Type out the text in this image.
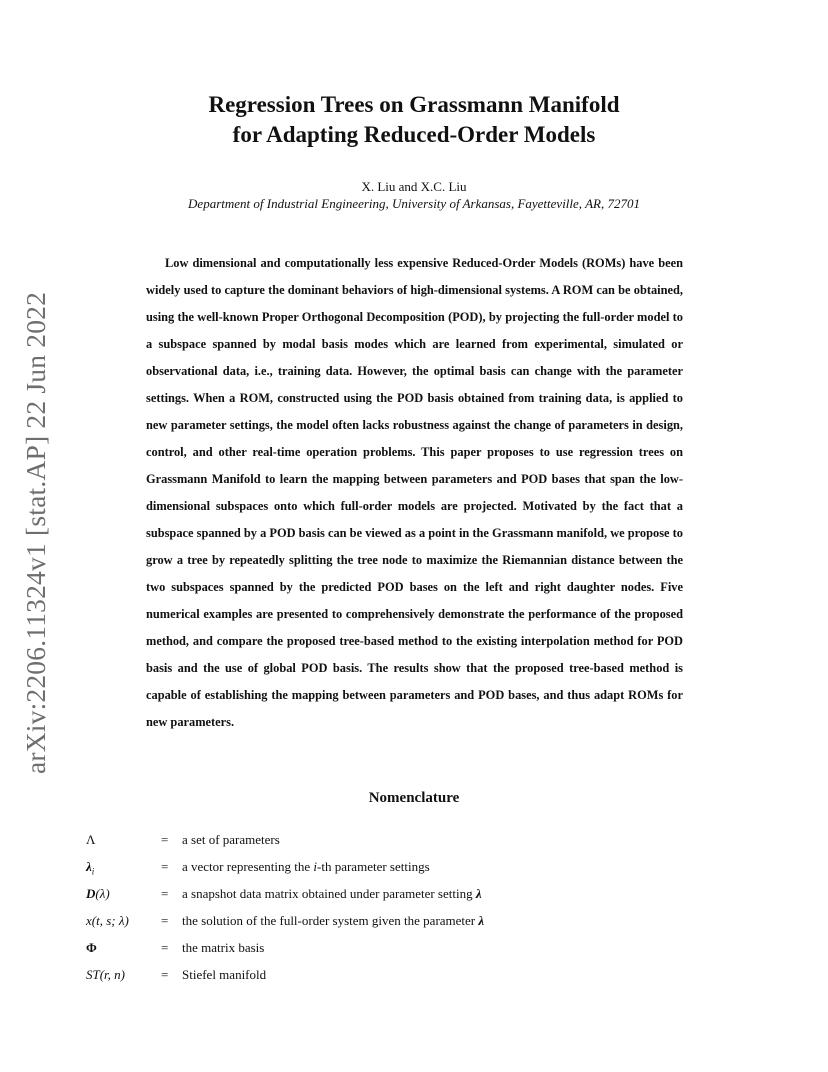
arXiv:2206.11324v1 [stat.AP] 22 Jun 2022
Regression Trees on Grassmann Manifold
for Adapting Reduced-Order Models
X. Liu and X.C. Liu
Department of Industrial Engineering, University of Arkansas, Fayetteville, AR, 72701
Low dimensional and computationally less expensive Reduced-Order Models (ROMs) have been widely used to capture the dominant behaviors of high-dimensional systems. A ROM can be obtained, using the well-known Proper Orthogonal Decomposition (POD), by projecting the full-order model to a subspace spanned by modal basis modes which are learned from experimental, simulated or observational data, i.e., training data. However, the optimal basis can change with the parameter settings. When a ROM, constructed using the POD basis obtained from training data, is applied to new parameter settings, the model often lacks robustness against the change of parameters in design, control, and other real-time operation problems. This paper proposes to use regression trees on Grassmann Manifold to learn the mapping between parameters and POD bases that span the low-dimensional subspaces onto which full-order models are projected. Motivated by the fact that a subspace spanned by a POD basis can be viewed as a point in the Grassmann manifold, we propose to grow a tree by repeatedly splitting the tree node to maximize the Riemannian distance between the two subspaces spanned by the predicted POD bases on the left and right daughter nodes. Five numerical examples are presented to comprehensively demonstrate the performance of the proposed method, and compare the proposed tree-based method to the existing interpolation method for POD basis and the use of global POD basis. The results show that the proposed tree-based method is capable of establishing the mapping between parameters and POD bases, and thus adapt ROMs for new parameters.
Nomenclature
Λ	= a set of parameters
$\lambda_i$	= a vector representing the i-th parameter settings
D(λ)	= a snapshot data matrix obtained under parameter setting λ
x(t, s; λ) = the solution of the full-order system given the parameter λ
Φ	= the matrix basis
ST(r, n)	= Stiefel manifold
